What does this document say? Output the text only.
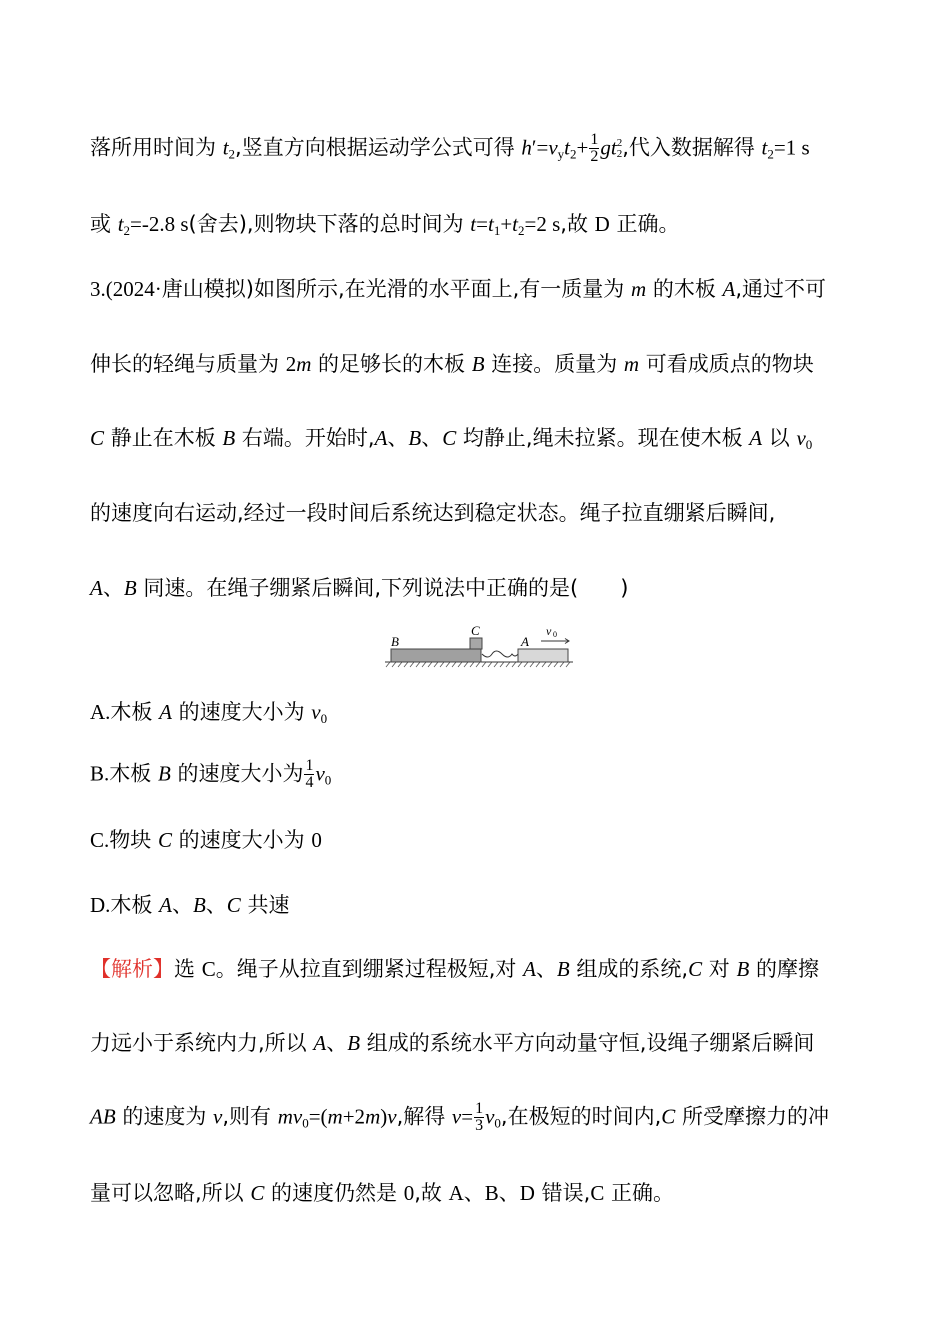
落所用时间为 $t_2$,竖直方向根据运动学公式可得 $h'=v_yt_2+ \frac{1}{2}$ gt 2
2 ,代入数据解得 $t_2=1$ s
或 $t_2=-2.8$ s(舍去),则物块下落的总时间为 $t=t_1+t_2=2$ s,故 D 正确。
3.(2024·唐山模拟)如图所示,在光滑的水平面上,有一质量为 m 的木板 A,通过不可
伸长的轻绳与质量为 2m 的足够长的木板 B 连接。质量为 m 可看成质点的物块
C 静止在木板 B 右端。开始时,A、B、C 均静止,绳未拉紧。现在使木板 A 以 $v_0$
的速度向右运动,经过一段时间后系统达到稳定状态。绳子拉直绷紧后瞬间,
A、B 同速。在绳子绷紧后瞬间,下列说法中正确的是(　　)
A.木板 A 的速度大小为 $v_0$
B.木板 B 的速度大小为 $\frac{1}{4} v_0$
C.物块 C 的速度大小为 0
D.木板 A、B、C 共速
【解析】选 C。绳子从拉直到绷紧过程极短,对 A、B 组成的系统,C 对 B 的摩擦
力远小于系统内力,所以 A、B 组成的系统水平方向动量守恒,设绳子绷紧后瞬间
AB 的速度为 v,则有 $mv_0=(m+2m)v$,解得 $v= \frac{1}{3} v_0$,在极短的时间内,C 所受摩擦力的冲
量可以忽略,所以 C 的速度仍然是 0,故 A、B、D 错误,C 正确。
B
C
A
v 0
